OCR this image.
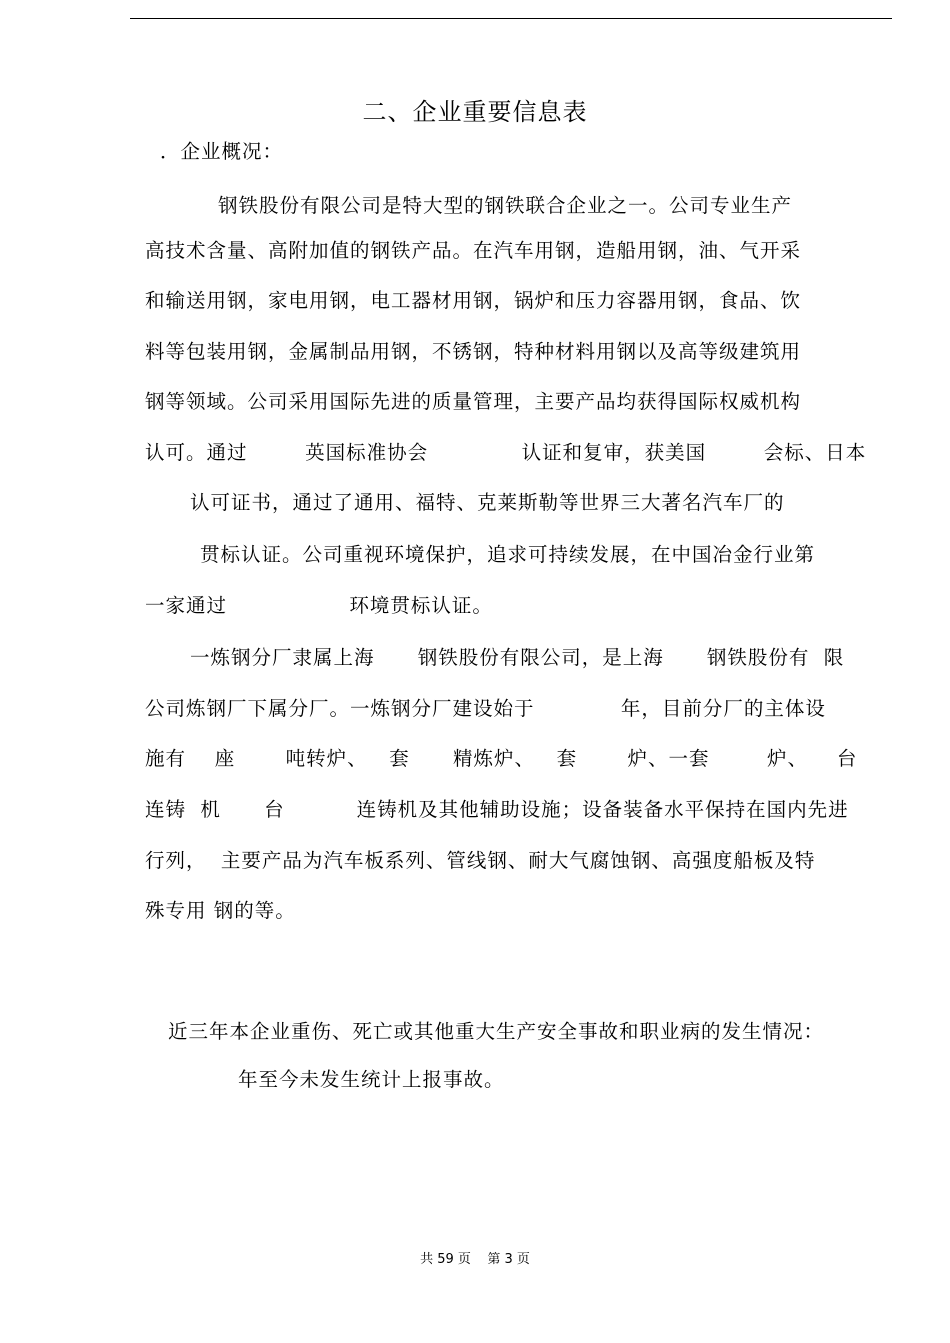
二、企业重要信息表
．企业概况：
钢铁股份有限公司是特大型的钢铁联合企业之一。公司专业生产
高技术含量、高附加值的钢铁产品。在汽车用钢，造船用钢，油、气开采
和输送用钢，家电用钢，电工器材用钢，锅炉和压力容器用钢，食品、饮
料等包装用钢，金属制品用钢，不锈钢，特种材料用钢以及高等级建筑用
钢等领域。公司采用国际先进的质量管理，主要产品均获得国际权威机构
认可。通过        英国标准协会             认证和复审，获美国        会标、日本
认可证书，通过了通用、福特、克莱斯勒等世界三大著名汽车厂的
贯标认证。公司重视环境保护，追求可持续发展，在中国冶金行业第
一家通过                 环境贯标认证。
一炼钢分厂隶属上海      钢铁股份有限公司，是上海      钢铁股份有  限
公司炼钢厂下属分厂。一炼钢分厂建设始于            年，目前分厂的主体设
施有    座       吨转炉、   套      精炼炉、   套       炉、一套        炉、    台
连铸  机      台          连铸机及其他辅助设施；设备装备水平保持在国内先进
行列，  主要产品为汽车板系列、管线钢、耐大气腐蚀钢、高强度船板及特
殊专用 钢的等。
近三年本企业重伤、死亡或其他重大生产安全事故和职业病的发生情况：
年至今未发生统计上报事故。
共 59 页    第 3 页
